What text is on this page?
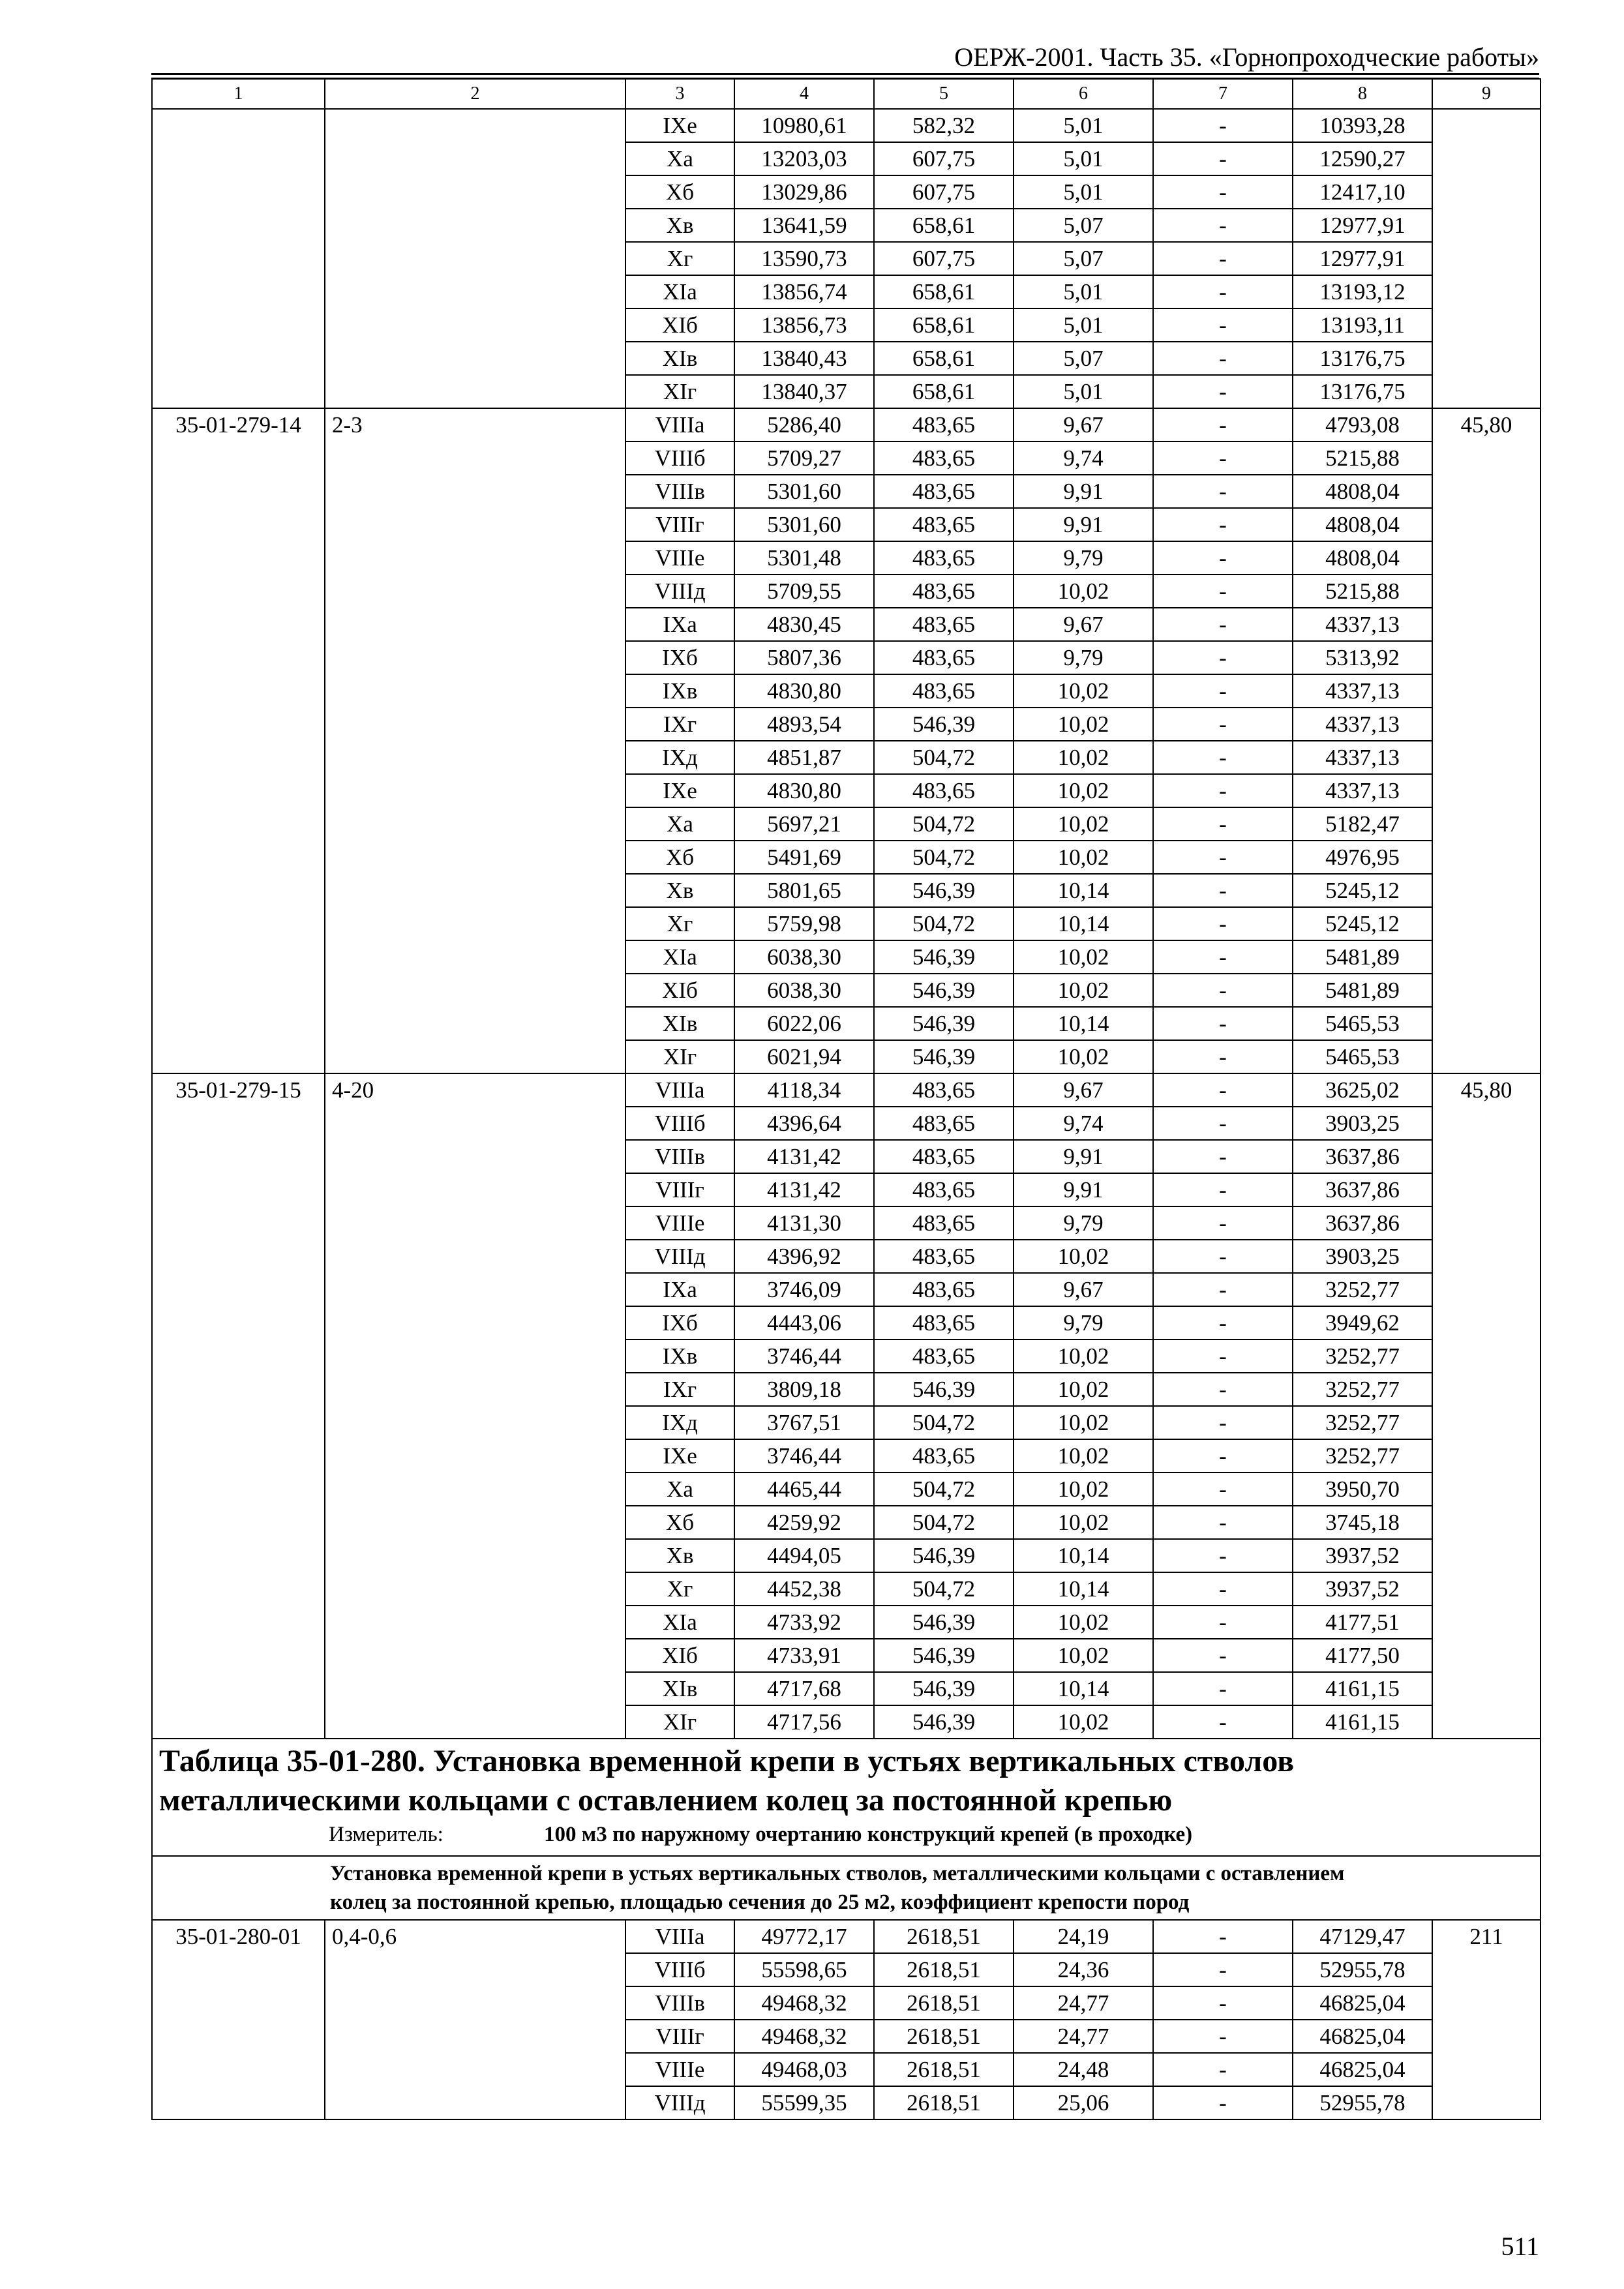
ОЕРЖ-2001. Часть 35. «Горнопроходческие работы»
1	2	3	4	5	6	7	8	9
		IXе	10980,61	582,32	5,01	-	10393,28	
		Xа	13203,03	607,75	5,01	-	12590,27	
		Xб	13029,86	607,75	5,01	-	12417,10	
		Xв	13641,59	658,61	5,07	-	12977,91	
		Xг	13590,73	607,75	5,07	-	12977,91	
		XIа	13856,74	658,61	5,01	-	13193,12	
		XIб	13856,73	658,61	5,01	-	13193,11	
		XIв	13840,43	658,61	5,07	-	13176,75	
		XIг	13840,37	658,61	5,01	-	13176,75	
35-01-279-14	2-3	VIIIа	5286,40	483,65	9,67	-	4793,08	45,80
		VIIIб	5709,27	483,65	9,74	-	5215,88	
		VIIIв	5301,60	483,65	9,91	-	4808,04	
		VIIIг	5301,60	483,65	9,91	-	4808,04	
		VIIIе	5301,48	483,65	9,79	-	4808,04	
		VIIIд	5709,55	483,65	10,02	-	5215,88	
		IXа	4830,45	483,65	9,67	-	4337,13	
		IXб	5807,36	483,65	9,79	-	5313,92	
		IXв	4830,80	483,65	10,02	-	4337,13	
		IXг	4893,54	546,39	10,02	-	4337,13	
		IXд	4851,87	504,72	10,02	-	4337,13	
		IXе	4830,80	483,65	10,02	-	4337,13	
		Xа	5697,21	504,72	10,02	-	5182,47	
		Xб	5491,69	504,72	10,02	-	4976,95	
		Xв	5801,65	546,39	10,14	-	5245,12	
		Xг	5759,98	504,72	10,14	-	5245,12	
		XIа	6038,30	546,39	10,02	-	5481,89	
		XIб	6038,30	546,39	10,02	-	5481,89	
		XIв	6022,06	546,39	10,14	-	5465,53	
		XIг	6021,94	546,39	10,02	-	5465,53	
35-01-279-15	4-20	VIIIа	4118,34	483,65	9,67	-	3625,02	45,80
		VIIIб	4396,64	483,65	9,74	-	3903,25	
		VIIIв	4131,42	483,65	9,91	-	3637,86	
		VIIIг	4131,42	483,65	9,91	-	3637,86	
		VIIIе	4131,30	483,65	9,79	-	3637,86	
		VIIIд	4396,92	483,65	10,02	-	3903,25	
		IXа	3746,09	483,65	9,67	-	3252,77	
		IXб	4443,06	483,65	9,79	-	3949,62	
		IXв	3746,44	483,65	10,02	-	3252,77	
		IXг	3809,18	546,39	10,02	-	3252,77	
		IXд	3767,51	504,72	10,02	-	3252,77	
		IXе	3746,44	483,65	10,02	-	3252,77	
		Xа	4465,44	504,72	10,02	-	3950,70	
		Xб	4259,92	504,72	10,02	-	3745,18	
		Xв	4494,05	546,39	10,14	-	3937,52	
		Xг	4452,38	504,72	10,14	-	3937,52	
		XIа	4733,92	546,39	10,02	-	4177,51	
		XIб	4733,91	546,39	10,02	-	4177,50	
		XIв	4717,68	546,39	10,14	-	4161,15	
		XIг	4717,56	546,39	10,02	-	4161,15	

Таблица 35-01-280. Установка временной крепи в устьях вертикальных стволов
металлическими кольцами с оставлением колец за постоянной крепью
Измеритель: 100 м3 по наружному очертанию конструкций крепей (в проходке)								

Установка временной крепи в устьях вертикальных стволов, металлическими кольцами с оставлением
колец за постоянной крепью, площадью сечения до 25 м2, коэффициент крепости пород								

35-01-280-01	0,4-0,6	VIIIа	49772,17	2618,51	24,19	-	47129,47	211
		VIIIб	55598,65	2618,51	24,36	-	52955,78	
		VIIIв	49468,32	2618,51	24,77	-	46825,04	
		VIIIг	49468,32	2618,51	24,77	-	46825,04	
		VIIIе	49468,03	2618,51	24,48	-	46825,04	
		VIIIд	55599,35	2618,51	25,06	-	52955,78	
511
